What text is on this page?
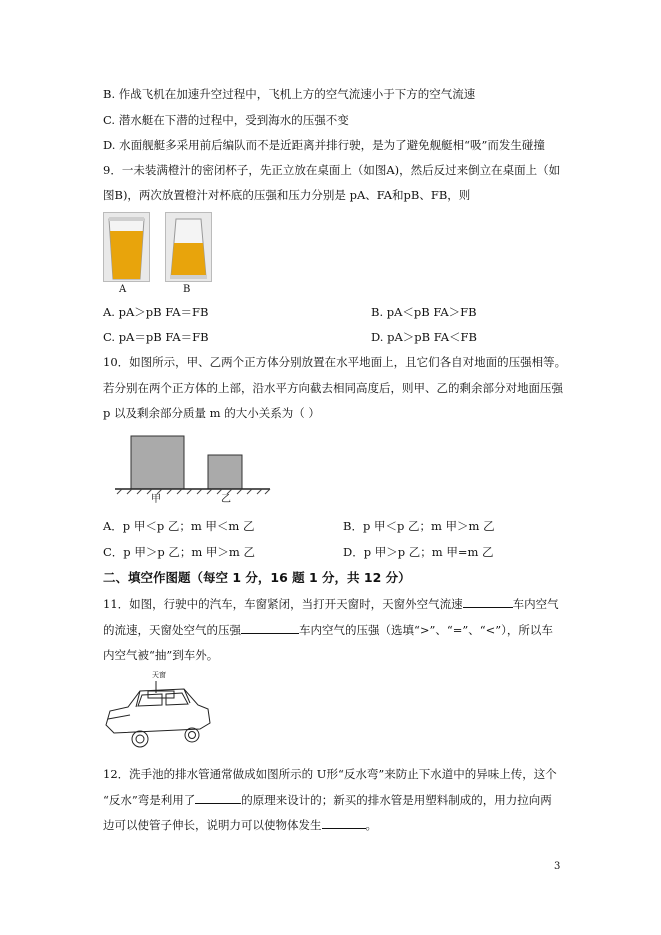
B. 作战飞机在加速升空过程中，飞机上方的空气流速小于下方的空气流速
C. 潜水艇在下潜的过程中，受到海水的压强不变
D. 水面舰艇多采用前后编队而不是近距离并排行驶，是为了避免舰艇相“吸”而发生碰撞
9．一未装满橙汁的密闭杯子，先正立放在桌面上（如图A)，然后反过来倒立在桌面上（如
图B)，两次放置橙汁对杯底的压强和压力分别是 pA、FA和pB、FB，则
A	B
A. pA＞pB FA＝FB	B. pA＜pB FA＞FB
C. pA＝pB FA＝FB	D. pA＞pB FA＜FB
10．如图所示，甲、乙两个正方体分别放置在水平地面上，且它们各自对地面的压强相等。
若分别在两个正方体的上部，沿水平方向截去相同高度后，则甲、乙的剩余部分对地面压强
p 以及剩余部分质量 m 的大小关系为（ ）
甲	乙
A．p 甲＜p 乙；m 甲＜m 乙	B．p 甲＜p 乙；m 甲＞m 乙
C．p 甲＞p 乙；m 甲＞m 乙	D．p 甲＞p 乙；m 甲=m 乙
二、填空作图题（每空 1 分，16 题 1 分，共 12 分）
11．如图，行驶中的汽车，车窗紧闭，当打开天窗时，天窗外空气流速	车内空气
的流速，天窗处空气的压强	车内空气的压强（选填“>”、“=”、“<”），所以车
内空气被“抽”到车外。
天窗
12．洗手池的排水管通常做成如图所示的 U形“反水弯”来防止下水道中的异味上传，这个
“反水”弯是利用了	的原理来设计的；新买的排水管是用塑料制成的，用力拉向两
边可以使管子伸长，说明力可以使物体发生	。
3
